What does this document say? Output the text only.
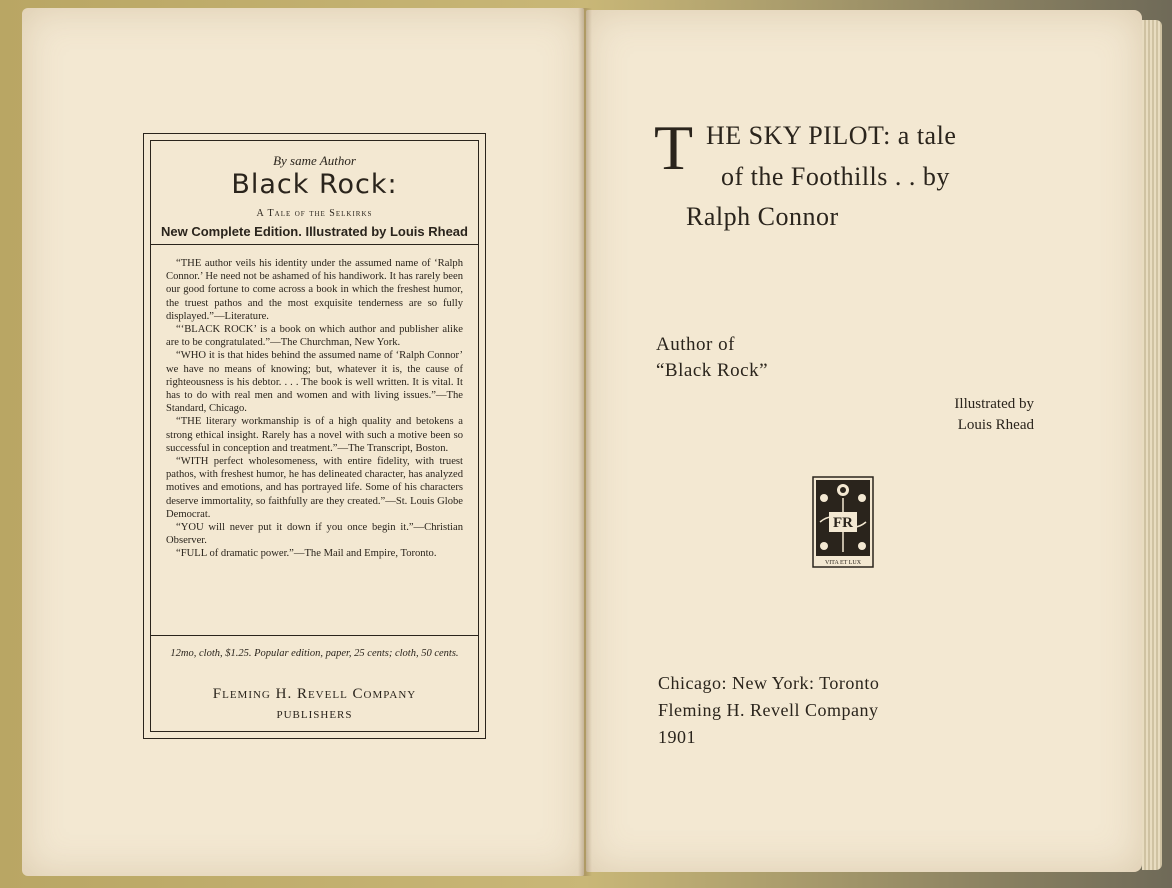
By same Author
Black Rock:
A Tale of the Selkirks
New Complete Edition. Illustrated by Louis Rhead

“THE author veils his identity under the assumed name of ‘Ralph Connor.’ He need not be ashamed of his handiwork. It has rarely been our good fortune to come across a book in which the freshest humor, the truest pathos and the most exquisite tenderness are so fully displayed.”—Literature.

“‘BLACK ROCK’ is a book on which author and publisher alike are to be congratulated.”—The Churchman, New York.

“WHO it is that hides behind the assumed name of ‘Ralph Connor’ we have no means of knowing; but, whatever it is, the cause of righteousness is his debtor. . . . The book is well written. It is vital. It has to do with real men and women and with living issues.”—The Standard, Chicago.

“THE literary workmanship is of a high quality and betokens a strong ethical insight. Rarely has a novel with such a motive been so successful in conception and treatment.”—The Transcript, Boston.

“WITH perfect wholesomeness, with entire fidelity, with truest pathos, with freshest humor, he has delineated character, has analyzed motives and emotions, and has portrayed life. Some of his characters deserve immortality, so faithfully are they created.”—St. Louis Globe Democrat.

“YOU will never put it down if you once begin it.”—Christian Observer.

“FULL of dramatic power.”—The Mail and Empire, Toronto.

12mo, cloth, $1.25. Popular edition, paper, 25 cents; cloth, 50 cents.
Fleming H. Revell Company
PUBLISHERS
T HE SKY PILOT: a tale
of the Foothills . . by
Ralph Connor
Author of
“Black Rock”
Illustrated by
Louis Rhead
FR
VITA ET LUX
Chicago: New York: Toronto
Fleming H. Revell Company
1901
